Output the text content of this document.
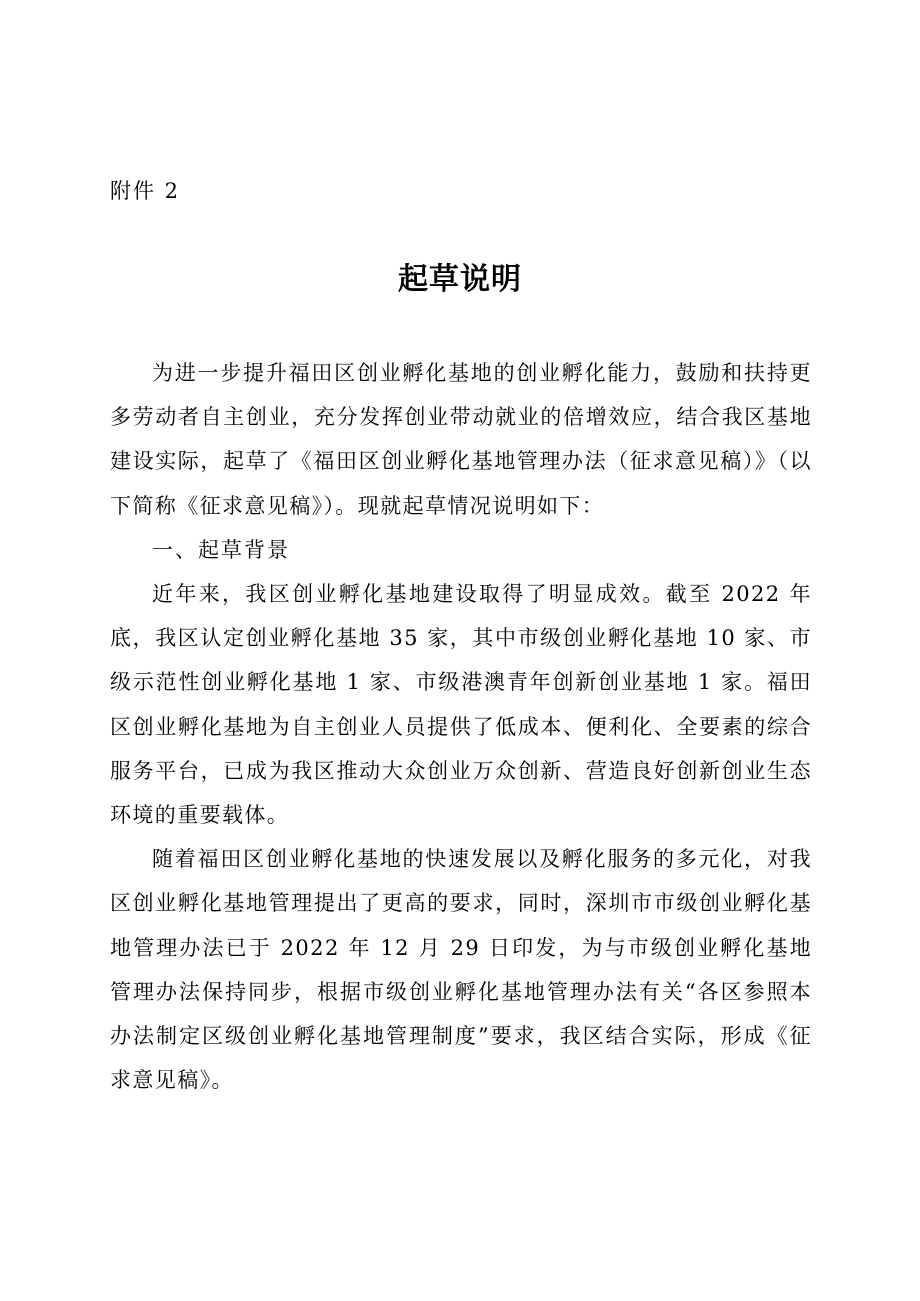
附件 2
起草说明

为进一步提升福田区创业孵化基地的创业孵化能力，鼓励和扶持更多劳动者自主创业，充分发挥创业带动就业的倍增效应，结合我区基地建设实际，起草了《福田区创业孵化基地管理办法（征求意见稿）》（以下简称《征求意见稿》）。现就起草情况说明如下：

一、起草背景

近年来，我区创业孵化基地建设取得了明显成效。截至 2022 年底，我区认定创业孵化基地 35 家，其中市级创业孵化基地 10 家、市级示范性创业孵化基地 1 家、市级港澳青年创新创业基地 1 家。福田区创业孵化基地为自主创业人员提供了低成本、便利化、全要素的综合服务平台，已成为我区推动大众创业万众创新、营造良好创新创业生态环境的重要载体。

随着福田区创业孵化基地的快速发展以及孵化服务的多元化，对我区创业孵化基地管理提出了更高的要求，同时，深圳市市级创业孵化基地管理办法已于 2022 年 12 月 29 日印发，为与市级创业孵化基地管理办法保持同步，根据市级创业孵化基地管理办法有关“各区参照本办法制定区级创业孵化基地管理制度”要求，我区结合实际，形成《征求意见稿》。
